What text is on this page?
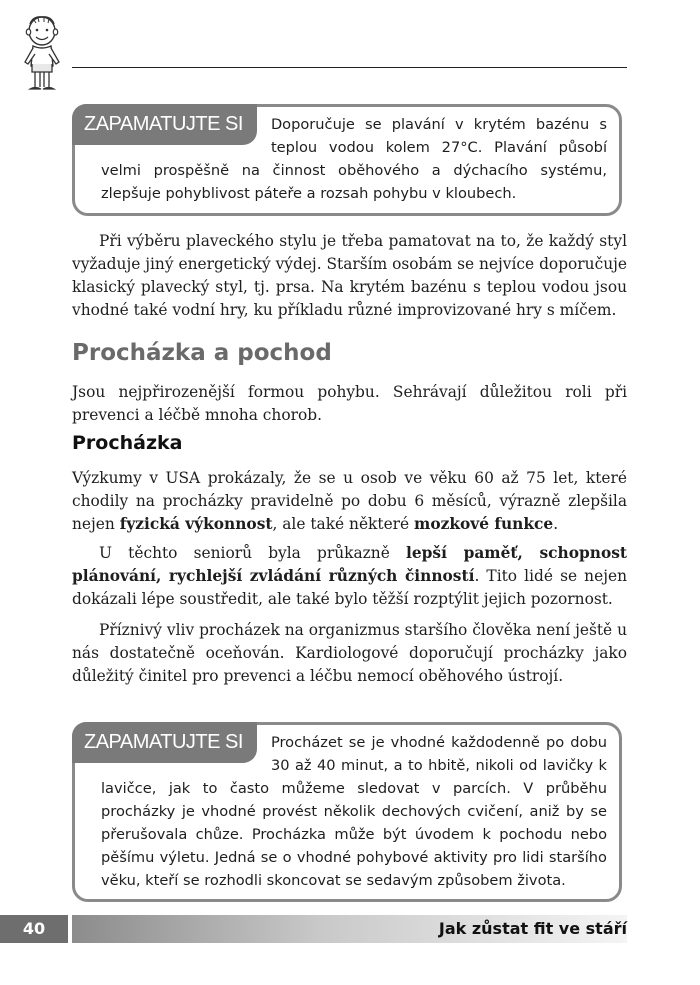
ZAPAMATUJTE SI	Doporučuje se plavání v krytém bazénu s teplou vodou kolem 27°C. Plavání působí velmi prospěšně na činnost oběhového a dýchacího systému, zlepšuje pohyblivost páteře a rozsah pohybu v kloubech.

Při výběru plaveckého stylu je třeba pamatovat na to, že každý styl vyžaduje jiný energetický výdej. Starším osobám se nejvíce doporučuje klasický plavecký styl, tj. prsa. Na krytém bazénu s teplou vodou jsou vhodné také vodní hry, ku příkladu různé improvizované hry s míčem.

Procházka a pochod

Jsou nejpřirozenější formou pohybu. Sehrávají důležitou roli při prevenci a léčbě mnoha chorob.

Procházka

Výzkumy v USA prokázaly, že se u osob ve věku 60 až 75 let, které chodily na procházky pravidelně po dobu 6 měsíců, výrazně zlepšila nejen fyzická výkonnost, ale také některé mozkové funkce.

U těchto seniorů byla průkazně lepší paměť, schopnost plánování, rychlejší zvládání různých činností. Tito lidé se nejen dokázali lépe soustředit, ale také bylo těžší rozptýlit jejich pozornost.

Příznivý vliv procházek na organizmus staršího člověka není ještě u nás dostatečně oceňován. Kardiologové doporučují procházky jako důležitý činitel pro prevenci a léčbu nemocí oběhového ústrojí.

ZAPAMATUJTE SI	Procházet se je vhodné každodenně po dobu 30 až 40 minut, a to hbitě, nikoli od lavičky k lavičce, jak to často můžeme sledovat v parcích. V průběhu procházky je vhodné provést několik dechových cvičení, aniž by se přerušovala chůze. Procházka může být úvodem k pochodu nebo pěšímu výletu. Jedná se o vhodné pohybové aktivity pro lidi staršího věku, kteří se rozhodli skoncovat se sedavým způsobem života.
40	Jak zůstat fit ve stáří
